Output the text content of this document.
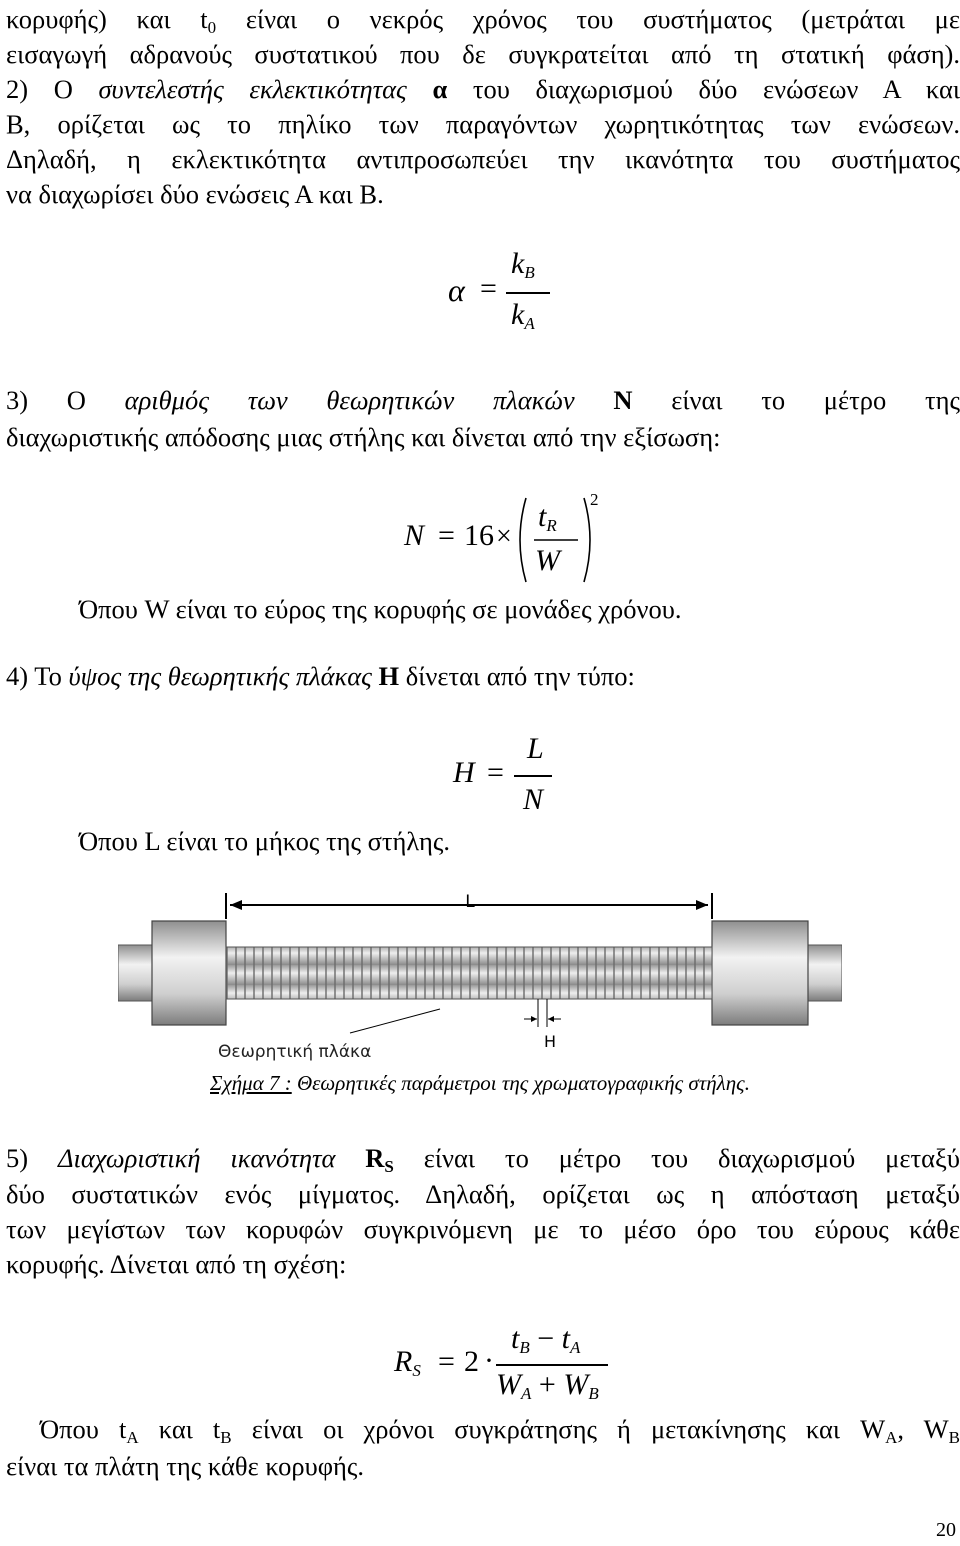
κορυφής) και $t_0$ είναι ο νεκρός χρόνος του συστήματος (μετράται με
εισαγωγή αδρανούς συστατικού που δε συγκρατείται από τη στατική φάση).
2) Ο συντελεστής εκλεκτικότητας α του διαχωρισμού δύο ενώσεων Α και
Β, ορίζεται ως το πηλίκο των παραγόντων χωρητικότητας των ενώσεων.
Δηλαδή, η εκλεκτικότητα αντιπροσωπεύει την ικανότητα του συστήματος
να διαχωρίσει δύο ενώσεις Α και Β.
α =
$k_B$
$k_A$
3) Ο αριθμός των θεωρητικών πλακών N είναι το μέτρο της
διαχωριστικής απόδοσης μιας στήλης και δίνεται από την εξίσωση:
N = 16 ×
$t_R$
W
2
Όπου W είναι το εύρος της κορυφής σε μονάδες χρόνου.
4) Το ύψος της θεωρητικής πλάκας H δίνεται από την τύπο:
H =
L
N
Όπου L είναι το μήκος της στήλης.
L
Θεωρητική πλάκα
H
Σχήμα 7 : Θεωρητικές παράμετροι της χρωματογραφικής στήλης.
5) Διαχωριστική ικανότητα $R_S$ είναι το μέτρο του διαχωρισμού μεταξύ
δύο συστατικών ενός μίγματος. Δηλαδή, ορίζεται ως η απόσταση μεταξύ
των μεγίστων των κορυφών συγκρινόμενη με το μέσο όρο του εύρους κάθε
κορυφής. Δίνεται από τη σχέση:
$R_S = 2$ ·
$t_B - t_A$
$W_A + W_B$
Όπου $t_A$ και $t_B$ είναι οι χρόνοι συγκράτησης ή μετακίνησης και $W_A$, $W_B$
είναι τα πλάτη της κάθε κορυφής.
20
